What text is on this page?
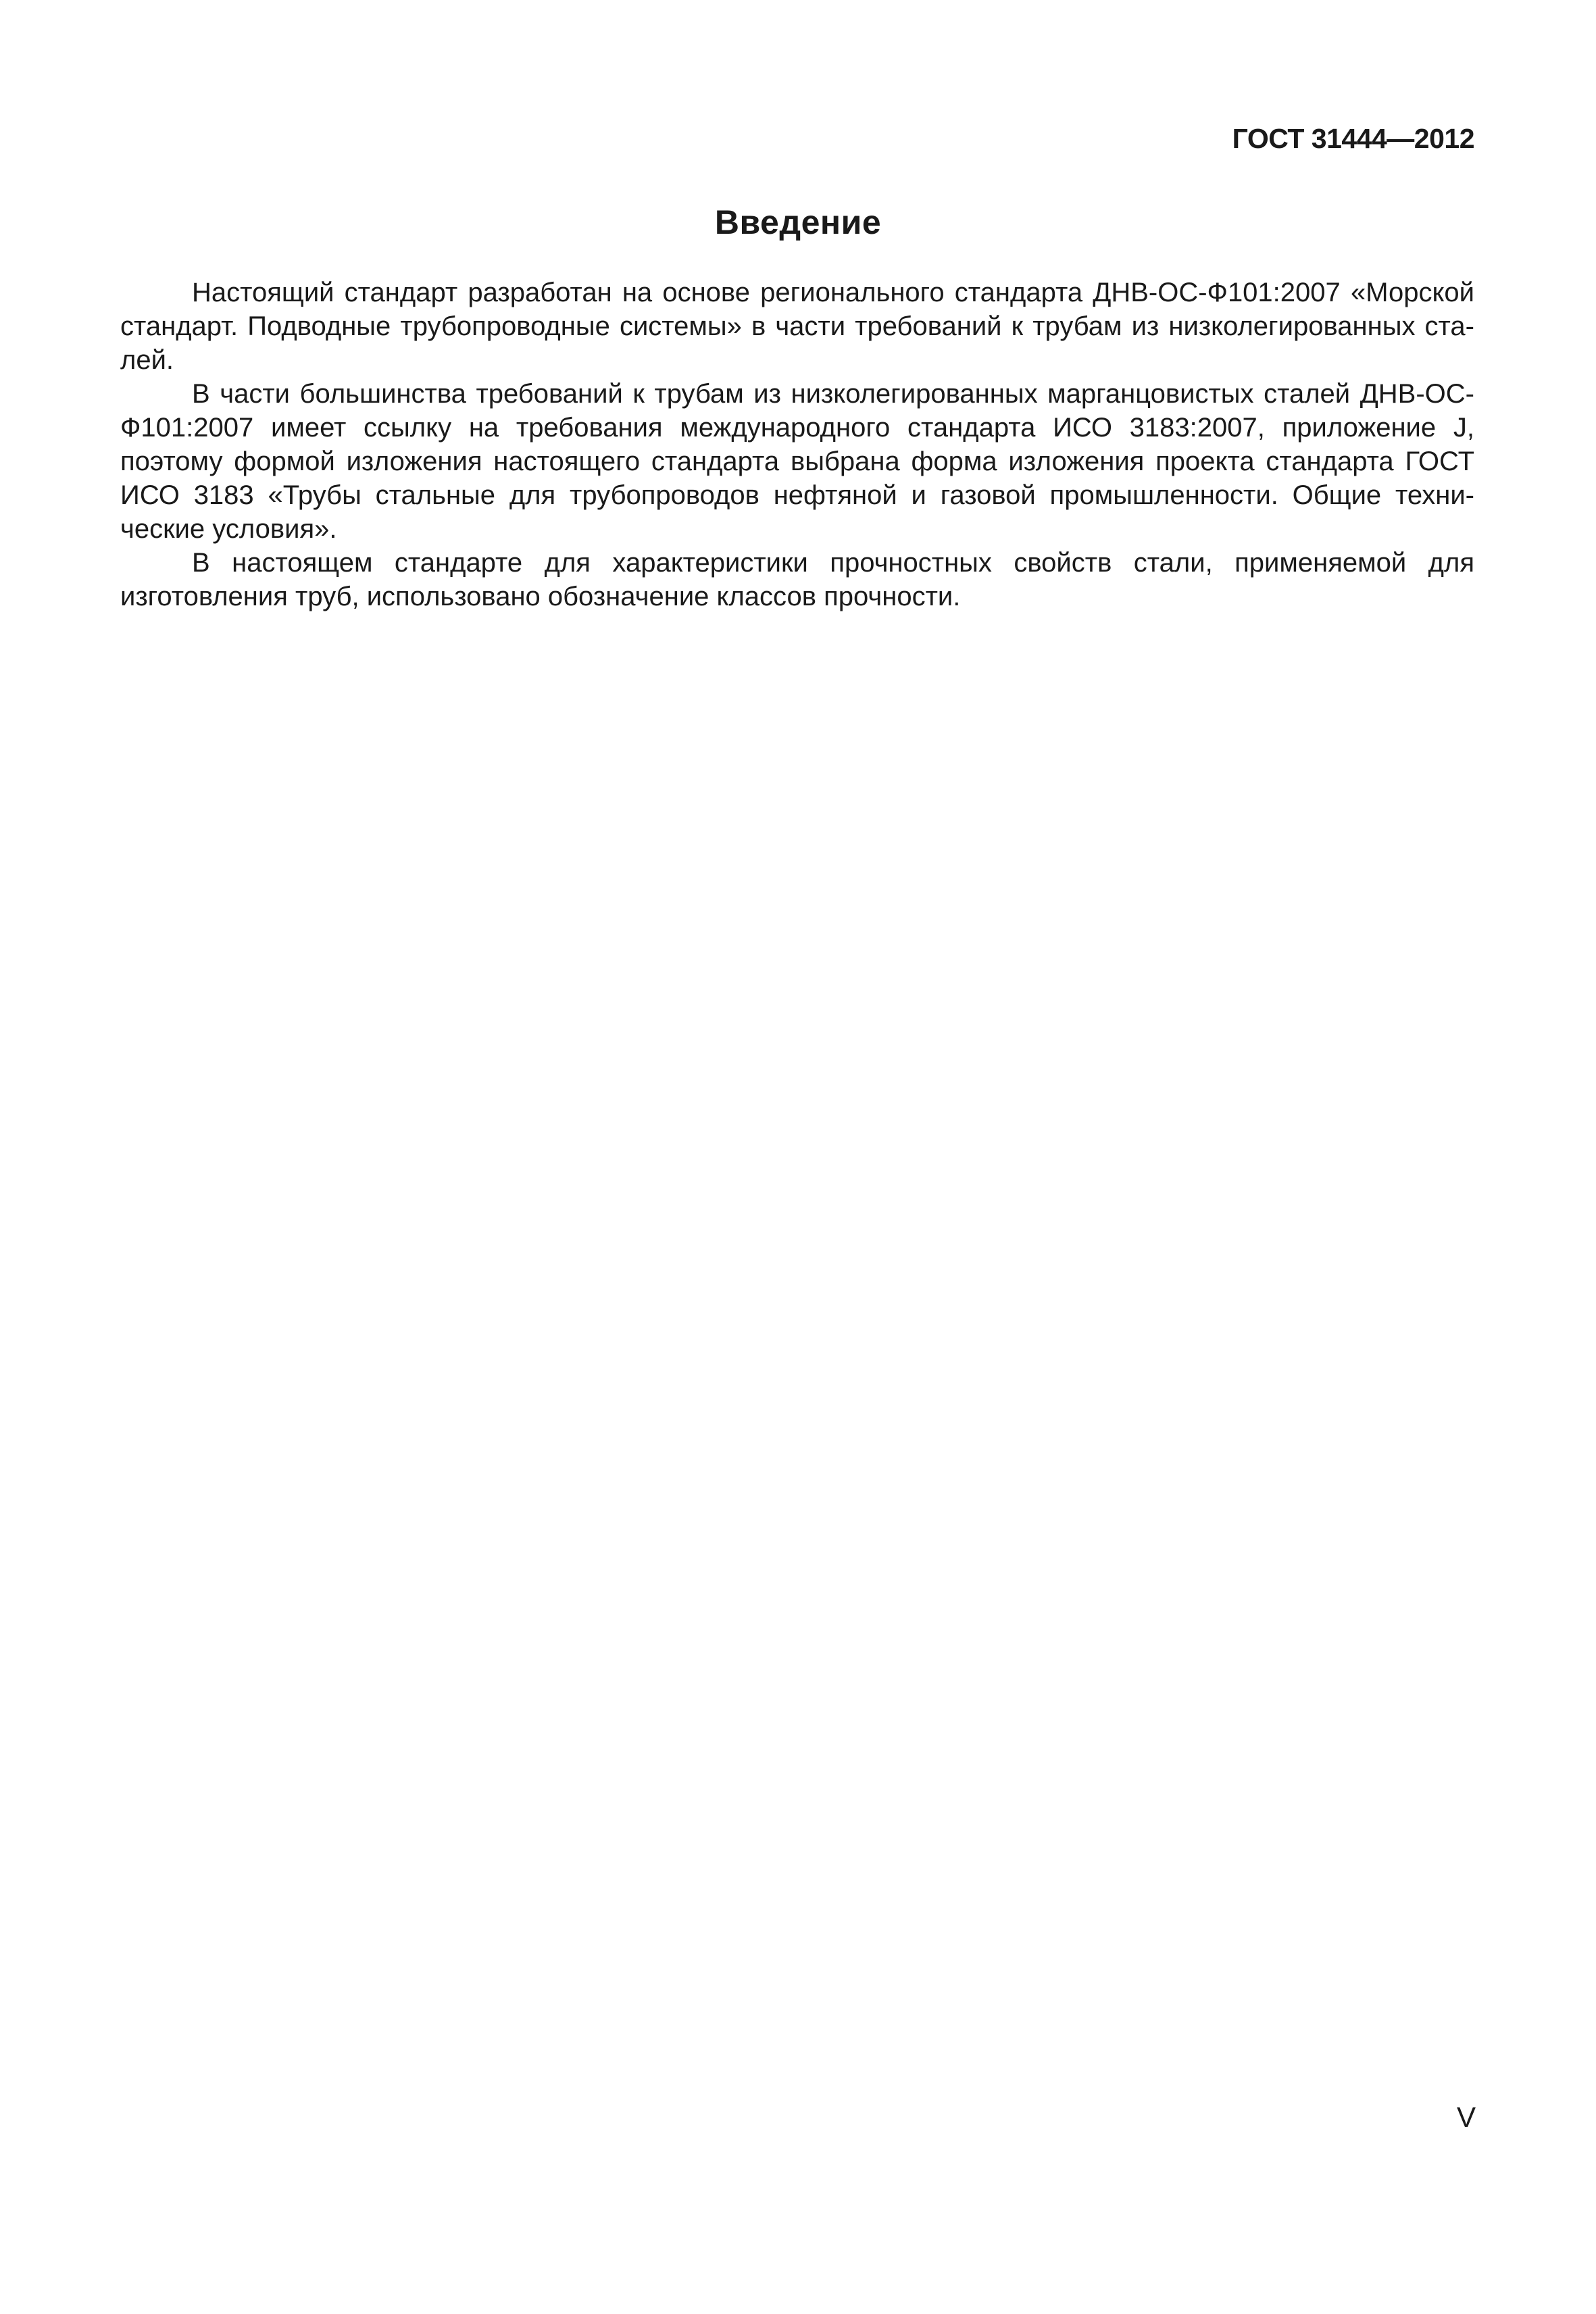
ГОСТ 31444—2012
Введение

Настоящий стандарт разработан на основе регионального стандарта ДНВ-ОС-Ф101:2007 «Морской стандарт. Подводные трубопроводные системы» в части требований к трубам из низколегированных сталей.

В части большинства требований к трубам из низколегированных марганцовистых сталей ДНВ-ОС-Ф101:2007 имеет ссылку на требования международного стандарта ИСО 3183:2007, приложение J, поэтому формой изложения настоящего стандарта выбрана форма изложения проекта стандарта ГОСТ ИСО 3183 «Трубы стальные для трубопроводов нефтяной и газовой промышленности. Общие технические условия».

В настоящем стандарте для характеристики прочностных свойств стали, применяемой для изготовления труб, использовано обозначение классов прочности.

V
